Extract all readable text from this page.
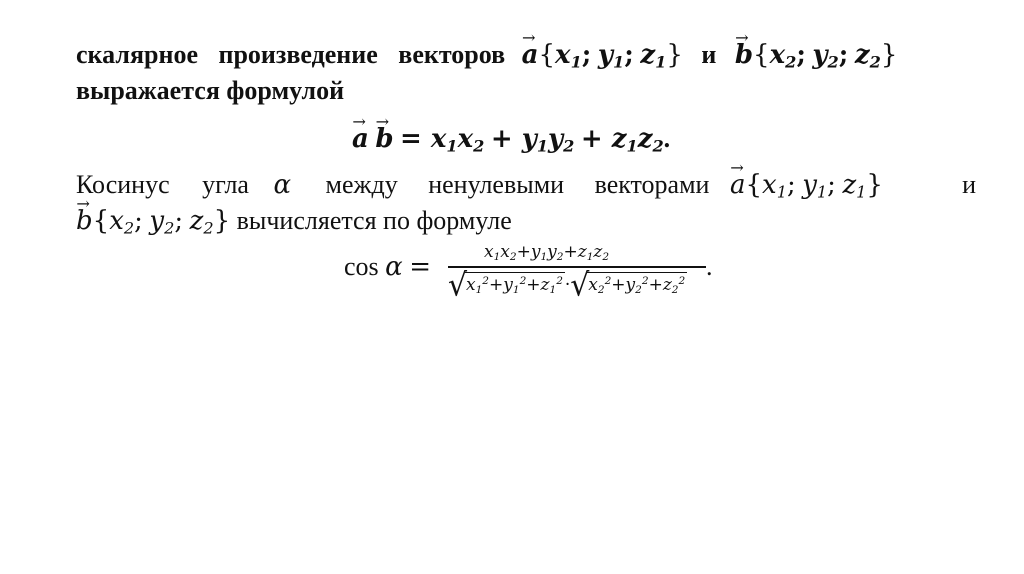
скалярное произведение векторов → $a\{x_1$; $y_1$; $z_1$} $и \to b\{x_2$; $y_2$; $z_2$}
выражается формулой
→ $a \to b = x_1x_2 + y_1y_2 + z_1z_2$.
Косинус угла α между ненулевыми векторами → $a\{x_1$; $y_1$; $z_1$}	и
→ $b\{x_2$; $y_2$; $z_2$} вычисляется по формуле
cos α =	$x_1x_2+y_1y_2+z_1z_2$
√
$x_1^2+y_1^2+z_1^2$ · √
$x_2^2+y_2^2+z_2^2$
.
